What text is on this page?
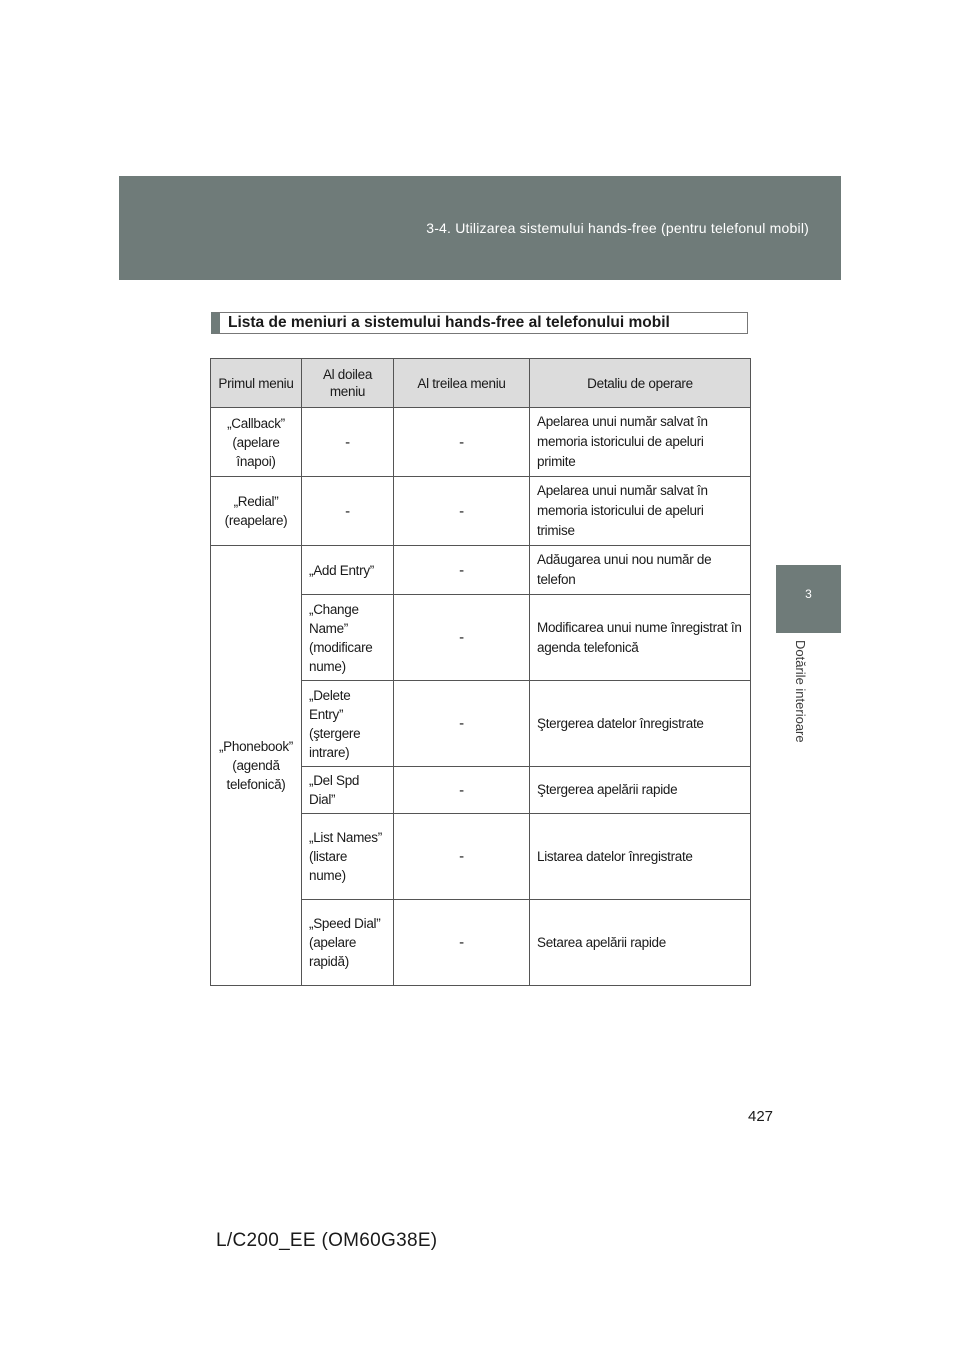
3-4. Utilizarea sistemului hands-free (pentru telefonul mobil)
3
Dotările interioare
Lista de meniuri a sistemului hands-free al telefonului mobil
Primul meniu	Al doilea meniu	Al treilea meniu	Detaliu de operare
„Callback” (apelare înapoi)	-	-	Apelarea unui număr salvat în memoria istoricului de apeluri primite
„Redial” (reapelare)	-	-	Apelarea unui număr salvat în memoria istoricului de apeluri trimise
„Phonebook” (agendă telefonică)	„Add Entry”	-	Adăugarea unui nou număr de telefon
	„Change Name” (modificare nume)	-	Modificarea unui nume înregistrat în agenda telefonică
	„Delete Entry” (ştergere intrare)	-	Ştergerea datelor înregistrate
	„Del Spd Dial”	-	Ştergerea apelării rapide
	„List Names” (listare nume)	-	Listarea datelor înregistrate
	„Speed Dial” (apelare rapidă)	-	Setarea apelării rapide
427
L/C200_EE (OM60G38E)
